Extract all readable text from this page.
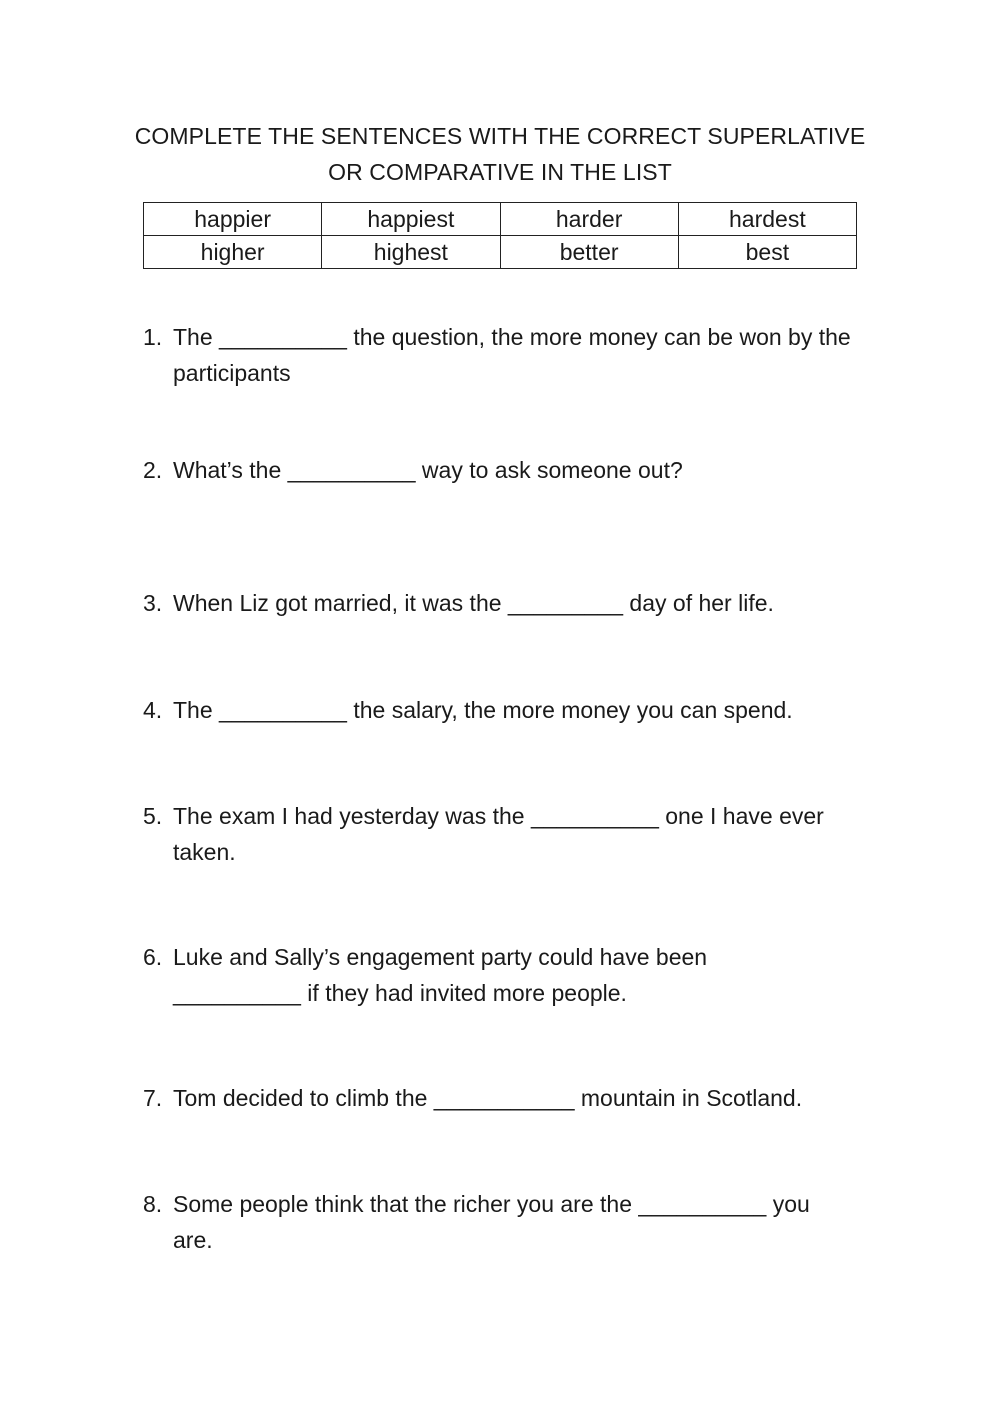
COMPLETE THE SENTENCES WITH THE CORRECT SUPERLATIVE
OR COMPARATIVE IN THE LIST
happier	happiest	harder	hardest
higher	highest	better	best
1. The __________ the question, the more money can be won by the participants
2. What’s the __________ way to ask someone out?
3. When Liz got married, it was the _________ day of her life.
4. The __________ the salary, the more money you can spend.
5. The exam I had yesterday was the __________ one I have ever taken.
6. Luke and Sally’s engagement party could have been __________ if they had invited more people.
7. Tom decided to climb the ___________ mountain in Scotland.
8. Some people think that the richer you are the __________ you are.
